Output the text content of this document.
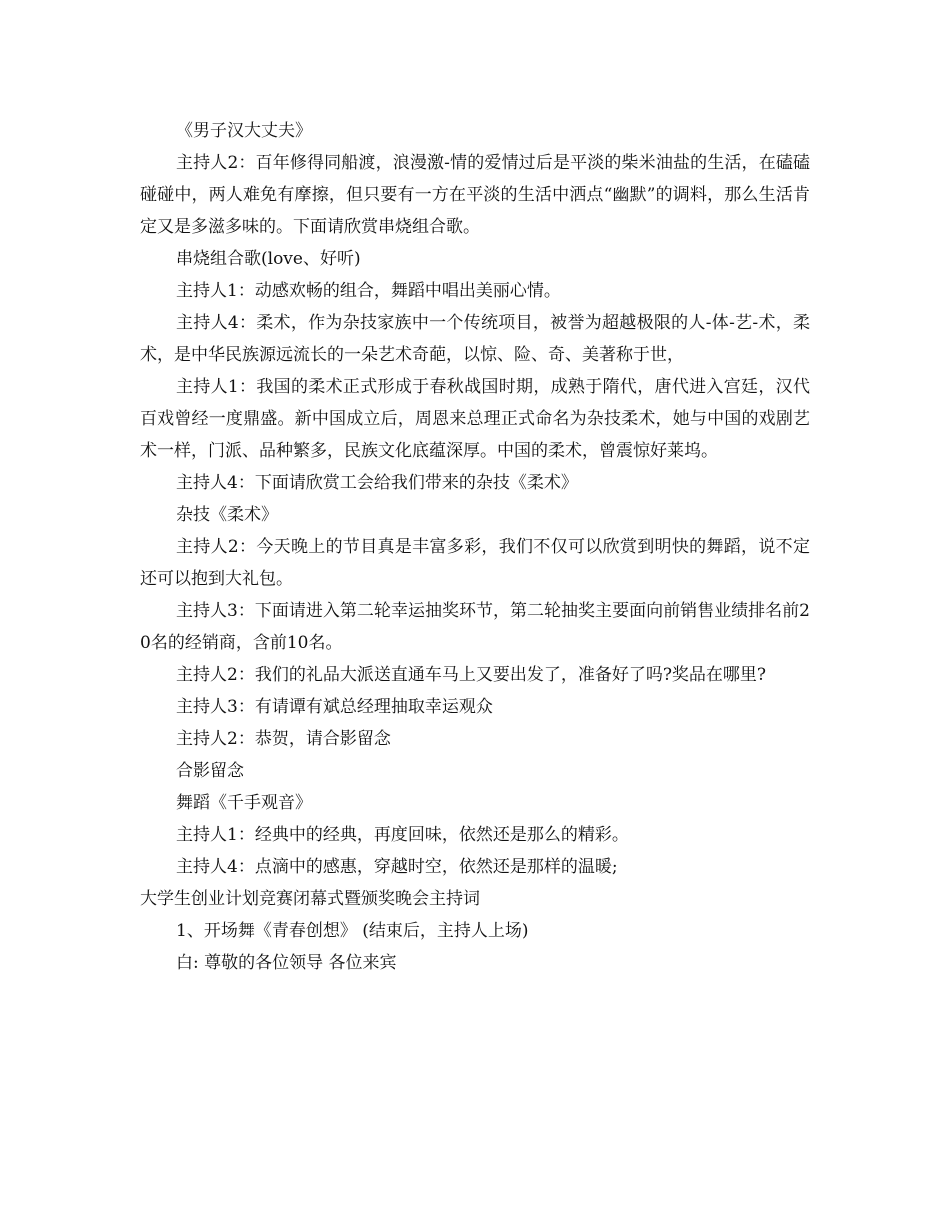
《男子汉大丈夫》

主持人2：百年修得同船渡，浪漫激-情的爱情过后是平淡的柴米油盐的生活，在磕磕碰碰中，两人难免有摩擦，但只要有一方在平淡的生活中洒点“幽默”的调料，那么生活肯定又是多滋多味的。下面请欣赏串烧组合歌。

串烧组合歌(love、好听)

主持人1：动感欢畅的组合，舞蹈中唱出美丽心情。

主持人4：柔术，作为杂技家族中一个传统项目，被誉为超越极限的人-体-艺-术，柔术，是中华民族源远流长的一朵艺术奇葩，以惊、险、奇、美著称于世，

主持人1：我国的柔术正式形成于春秋战国时期，成熟于隋代，唐代进入宫廷，汉代百戏曾经一度鼎盛。新中国成立后，周恩来总理正式命名为杂技柔术，她与中国的戏剧艺术一样，门派、品种繁多，民族文化底蕴深厚。中国的柔术，曾震惊好莱坞。

主持人4：下面请欣赏工会给我们带来的杂技《柔术》

杂技《柔术》

主持人2：今天晚上的节目真是丰富多彩，我们不仅可以欣赏到明快的舞蹈，说不定还可以抱到大礼包。

主持人3：下面请进入第二轮幸运抽奖环节，第二轮抽奖主要面向前销售业绩排名前20名的经销商，含前10名。

主持人2：我们的礼品大派送直通车马上又要出发了，准备好了吗?奖品在哪里?

主持人3：有请谭有斌总经理抽取幸运观众

主持人2：恭贺，请合影留念

合影留念

舞蹈《千手观音》

主持人1：经典中的经典，再度回味，依然还是那么的精彩。

主持人4：点滴中的感惠，穿越时空，依然还是那样的温暖;

大学生创业计划竞赛闭幕式暨颁奖晚会主持词

1、开场舞《青春创想》 (结束后，主持人上场)

白: 尊敬的各位领导 各位来宾
